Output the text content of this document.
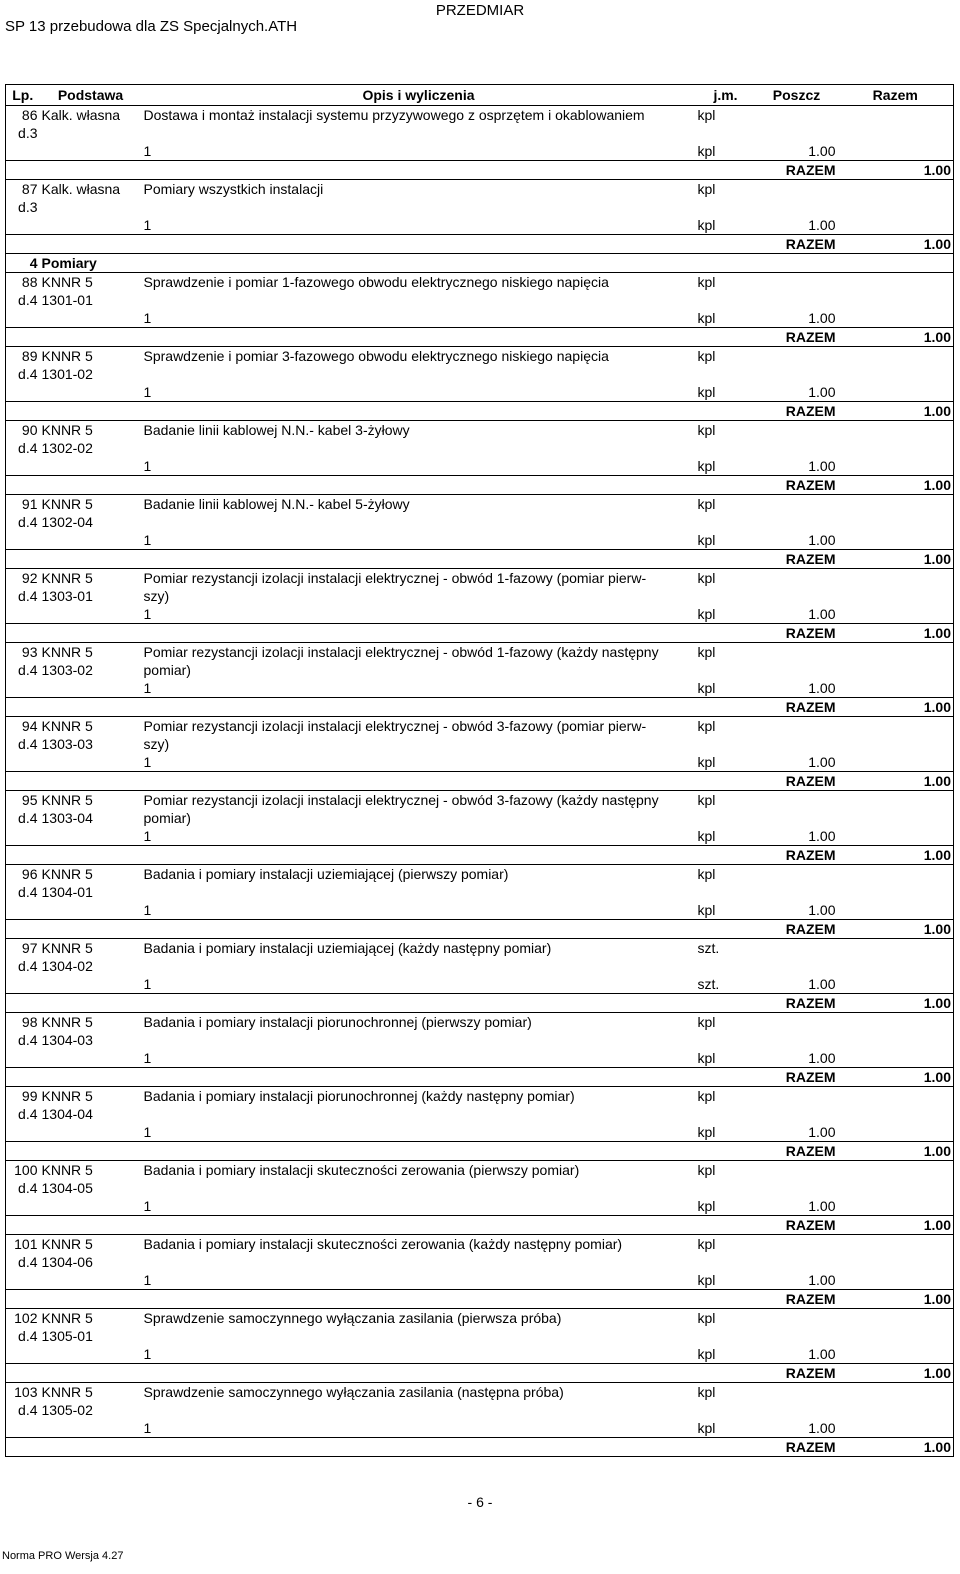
PRZEDMIAR
SP 13 przebudowa dla ZS Specjalnych.ATH
Lp.	Podstawa	Opis i wyliczenia	j.m.	Poszcz	Razem
86	Kalk. własna	Dostawa i montaż instalacji systemu przyzywowego z osprzętem i okablowaniem	kpl		
d.3					
		1	kpl	1.00	
				RAZEM	1.00
87	Kalk. własna	Pomiary wszystkich instalacji	kpl		
d.3					
		1	kpl	1.00	
				RAZEM	1.00
4	Pomiary				
88	KNNR 5	Sprawdzenie i pomiar 1-fazowego obwodu elektrycznego niskiego napięcia	kpl		
d.4	1301-01				
		1	kpl	1.00	
				RAZEM	1.00
89	KNNR 5	Sprawdzenie i pomiar 3-fazowego obwodu elektrycznego niskiego napięcia	kpl		
d.4	1301-02				
		1	kpl	1.00	
				RAZEM	1.00
90	KNNR 5	Badanie linii kablowej N.N.- kabel 3-żyłowy	kpl		
d.4	1302-02				
		1	kpl	1.00	
				RAZEM	1.00
91	KNNR 5	Badanie linii kablowej N.N.- kabel 5-żyłowy	kpl		
d.4	1302-04				
		1	kpl	1.00	
				RAZEM	1.00
92	KNNR 5	Pomiar rezystancji izolacji instalacji elektrycznej - obwód 1-fazowy (pomiar pierw-	kpl		
d.4	1303-01	szy)			
		1	kpl	1.00	
				RAZEM	1.00
93	KNNR 5	Pomiar rezystancji izolacji instalacji elektrycznej - obwód 1-fazowy (każdy następny	kpl		
d.4	1303-02	pomiar)			
		1	kpl	1.00	
				RAZEM	1.00
94	KNNR 5	Pomiar rezystancji izolacji instalacji elektrycznej - obwód 3-fazowy (pomiar pierw-	kpl		
d.4	1303-03	szy)			
		1	kpl	1.00	
				RAZEM	1.00
95	KNNR 5	Pomiar rezystancji izolacji instalacji elektrycznej - obwód 3-fazowy (każdy następny	kpl		
d.4	1303-04	pomiar)			
		1	kpl	1.00	
				RAZEM	1.00
96	KNNR 5	Badania i pomiary instalacji uziemiającej (pierwszy pomiar)	kpl		
d.4	1304-01				
		1	kpl	1.00	
				RAZEM	1.00
97	KNNR 5	Badania i pomiary instalacji uziemiającej (każdy następny pomiar)	szt.		
d.4	1304-02				
		1	szt.	1.00	
				RAZEM	1.00
98	KNNR 5	Badania i pomiary instalacji piorunochronnej (pierwszy pomiar)	kpl		
d.4	1304-03				
		1	kpl	1.00	
				RAZEM	1.00
99	KNNR 5	Badania i pomiary instalacji piorunochronnej (każdy następny pomiar)	kpl		
d.4	1304-04				
		1	kpl	1.00	
				RAZEM	1.00
100	KNNR 5	Badania i pomiary instalacji skuteczności zerowania (pierwszy pomiar)	kpl		
d.4	1304-05				
		1	kpl	1.00	
				RAZEM	1.00
101	KNNR 5	Badania i pomiary instalacji skuteczności zerowania (każdy następny pomiar)	kpl		
d.4	1304-06				
		1	kpl	1.00	
				RAZEM	1.00
102	KNNR 5	Sprawdzenie samoczynnego wyłączania zasilania (pierwsza próba)	kpl		
d.4	1305-01				
		1	kpl	1.00	
				RAZEM	1.00
103	KNNR 5	Sprawdzenie samoczynnego wyłączania zasilania (następna próba)	kpl		
d.4	1305-02				
		1	kpl	1.00	
				RAZEM	1.00
- 6 -
Norma PRO Wersja 4.27
